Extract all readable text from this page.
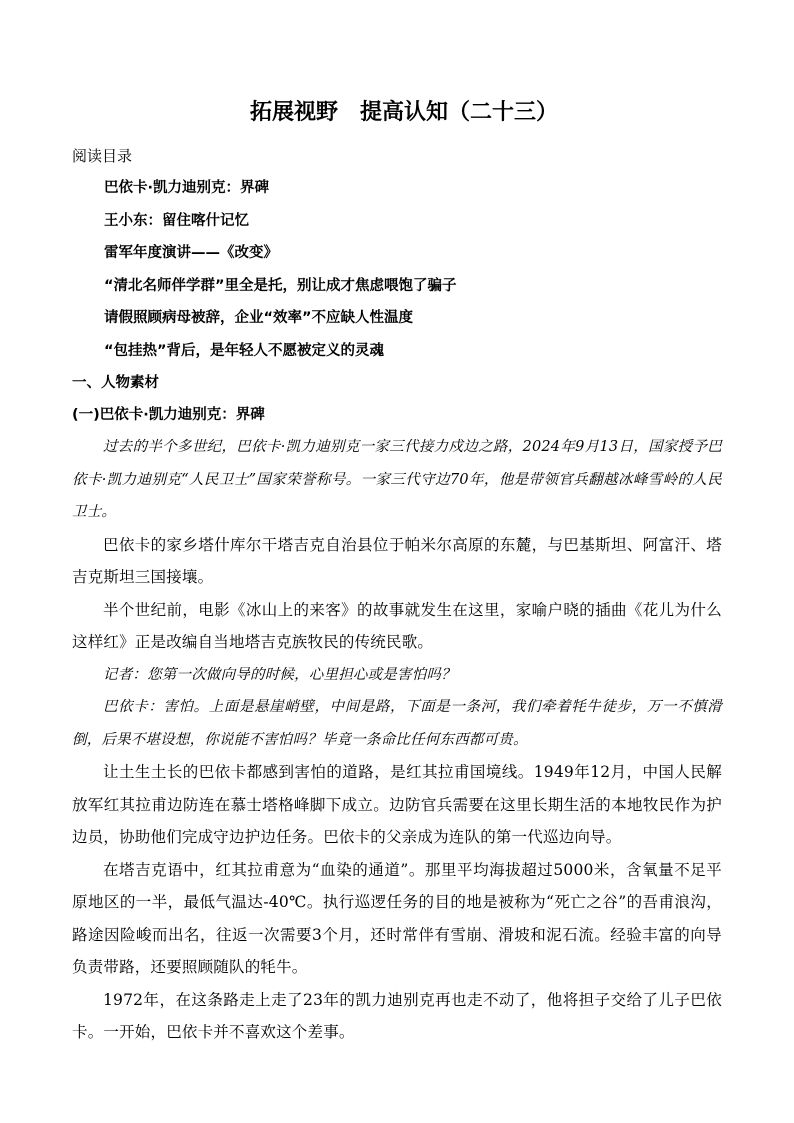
拓展视野　提高认知（二十三）
阅读目录
巴依卡·凯力迪别克：界碑
王小东：留住喀什记忆
雷军年度演讲——《改变》
“清北名师伴学群”里全是托，别让成才焦虑喂饱了骗子
请假照顾病母被辞，企业“效率”不应缺人性温度
“包挂热”背后，是年轻人不愿被定义的灵魂
一、人物素材
(一)巴依卡·凯力迪别克：界碑

过去的半个多世纪，巴依卡·凯力迪别克一家三代接力戍边之路，2024年9月13日，国家授予巴依卡·凯力迪别克“人民卫士”国家荣誉称号。一家三代守边70年，他是带领官兵翻越冰峰雪岭的人民卫士。

巴依卡的家乡塔什库尔干塔吉克自治县位于帕米尔高原的东麓，与巴基斯坦、阿富汗、塔吉克斯坦三国接壤。

半个世纪前，电影《冰山上的来客》的故事就发生在这里，家喻户晓的插曲《花儿为什么这样红》正是改编自当地塔吉克族牧民的传统民歌。

记者：您第一次做向导的时候，心里担心或是害怕吗？

巴依卡：害怕。上面是悬崖峭壁，中间是路，下面是一条河，我们牵着牦牛徒步，万一不慎滑倒，后果不堪设想，你说能不害怕吗？毕竟一条命比任何东西都可贵。

让土生土长的巴依卡都感到害怕的道路，是红其拉甫国境线。1949年12月，中国人民解放军红其拉甫边防连在慕士塔格峰脚下成立。边防官兵需要在这里长期生活的本地牧民作为护边员，协助他们完成守边护边任务。巴依卡的父亲成为连队的第一代巡边向导。

在塔吉克语中，红其拉甫意为“血染的通道”。那里平均海拔超过5000米，含氧量不足平原地区的一半，最低气温达-40℃。执行巡逻任务的目的地是被称为“死亡之谷”的吾甫浪沟，路途因险峻而出名，往返一次需要3个月，还时常伴有雪崩、滑坡和泥石流。经验丰富的向导负责带路，还要照顾随队的牦牛。

1972年，在这条路走上走了23年的凯力迪别克再也走不动了，他将担子交给了儿子巴依卡。一开始，巴依卡并不喜欢这个差事。
